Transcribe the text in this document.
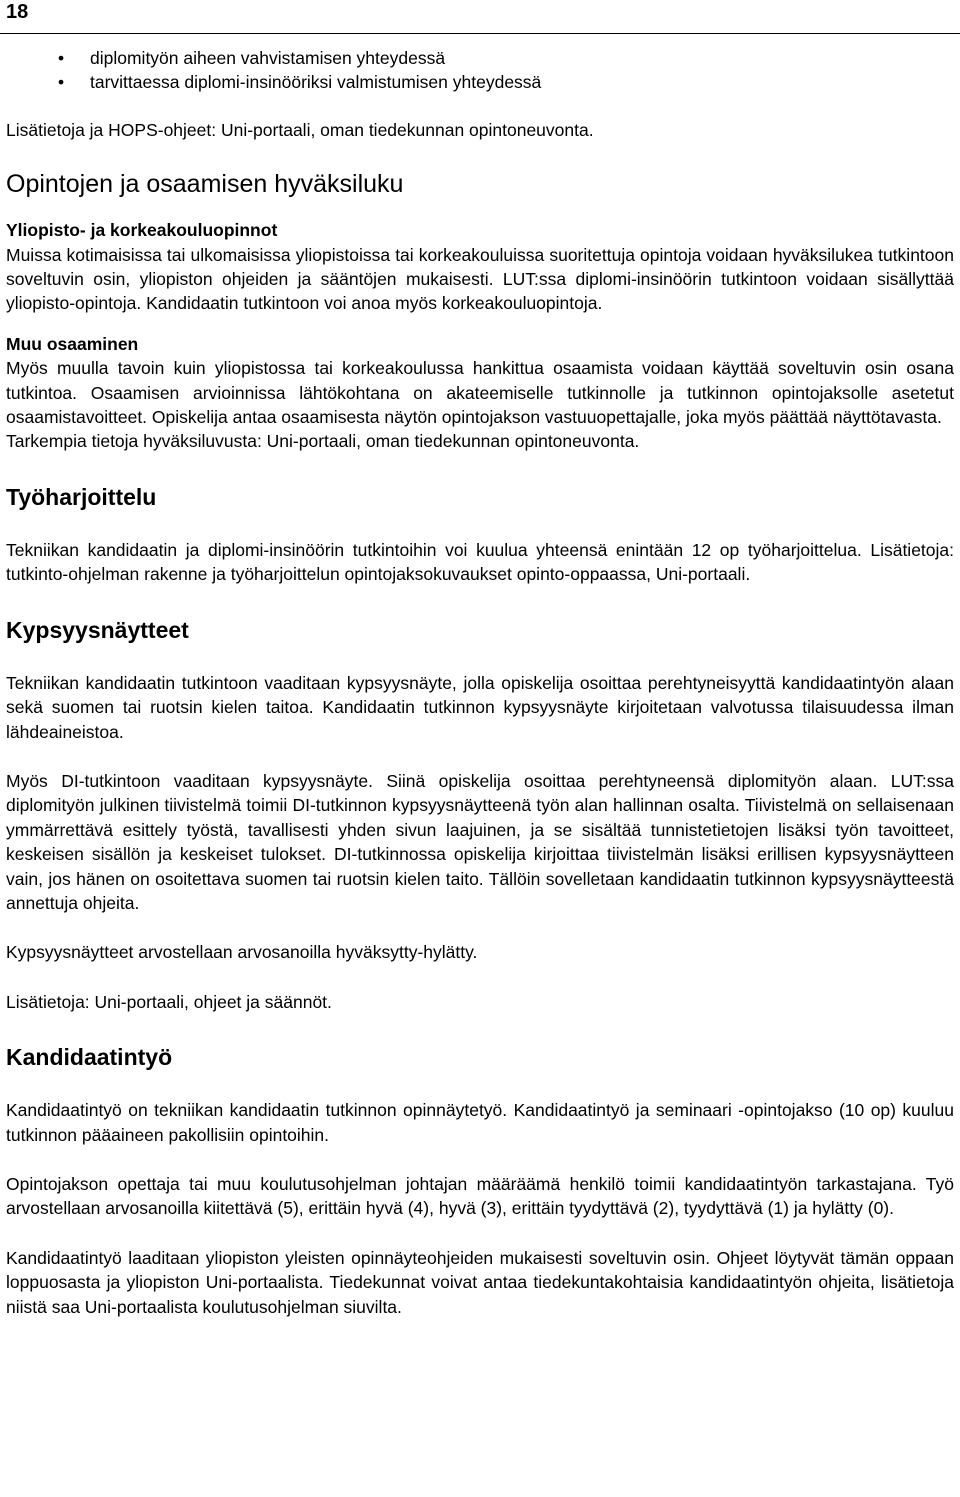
18
• diplomityön aiheen vahvistamisen yhteydessä
• tarvittaessa diplomi-insinööriksi valmistumisen yhteydessä

Lisätietoja ja HOPS-ohjeet: Uni-portaali, oman tiedekunnan opintoneuvonta.

Opintojen ja osaamisen hyväksiluku

Yliopisto- ja korkeakouluopinnot

Muissa kotimaisissa tai ulkomaisissa yliopistoissa tai korkeakouluissa suoritettuja opintoja voidaan hyväksilukea tutkintoon soveltuvin osin, yliopiston ohjeiden ja sääntöjen mukaisesti. LUT:ssa diplomi-insinöörin tutkintoon voidaan sisällyttää yliopisto-opintoja. Kandidaatin tutkintoon voi anoa myös korkeakouluopintoja.

Muu osaaminen

Myös muulla tavoin kuin yliopistossa tai korkeakoulussa hankittua osaamista voidaan käyttää soveltuvin osin osana tutkintoa. Osaamisen arvioinnissa lähtökohtana on akateemiselle tutkinnolle ja tutkinnon opintojaksolle asetetut osaamistavoitteet. Opiskelija antaa osaamisesta näytön opintojakson vastuuopettajalle, joka myös päättää näyttötavasta.

Tarkempia tietoja hyväksiluvusta: Uni-portaali, oman tiedekunnan opintoneuvonta.

Työharjoittelu

Tekniikan kandidaatin ja diplomi-insinöörin tutkintoihin voi kuulua yhteensä enintään 12 op työharjoittelua. Lisätietoja: tutkinto-ohjelman rakenne ja työharjoittelun opintojaksokuvaukset opinto-oppaassa, Uni-portaali.

Kypsyysnäytteet

Tekniikan kandidaatin tutkintoon vaaditaan kypsyysnäyte, jolla opiskelija osoittaa perehtyneisyyttä kandidaatintyön alaan sekä suomen tai ruotsin kielen taitoa. Kandidaatin tutkinnon kypsyysnäyte kirjoitetaan valvotussa tilaisuudessa ilman lähdeaineistoa.

Myös DI-tutkintoon vaaditaan kypsyysnäyte. Siinä opiskelija osoittaa perehtyneensä diplomityön alaan. LUT:ssa diplomityön julkinen tiivistelmä toimii DI-tutkinnon kypsyysnäytteenä työn alan hallinnan osalta. Tiivistelmä on sellaisenaan ymmärrettävä esittely työstä, tavallisesti yhden sivun laajuinen, ja se sisältää tunnistetietojen lisäksi työn tavoitteet, keskeisen sisällön ja keskeiset tulokset. DI-tutkinnossa opiskelija kirjoittaa tiivistelmän lisäksi erillisen kypsyysnäytteen vain, jos hänen on osoitettava suomen tai ruotsin kielen taito. Tällöin sovelletaan kandidaatin tutkinnon kypsyysnäytteestä annettuja ohjeita.

Kypsyysnäytteet arvostellaan arvosanoilla hyväksytty-hylätty.

Lisätietoja: Uni-portaali, ohjeet ja säännöt.

Kandidaatintyö

Kandidaatintyö on tekniikan kandidaatin tutkinnon opinnäytetyö. Kandidaatintyö ja seminaari -opintojakso (10 op) kuuluu tutkinnon pääaineen pakollisiin opintoihin.

Opintojakson opettaja tai muu koulutusohjelman johtajan määräämä henkilö toimii kandidaatintyön tarkastajana. Työ arvostellaan arvosanoilla kiitettävä (5), erittäin hyvä (4), hyvä (3), erittäin tyydyttävä (2), tyydyttävä (1) ja hylätty (0).

Kandidaatintyö laaditaan yliopiston yleisten opinnäyteohjeiden mukaisesti soveltuvin osin. Ohjeet löytyvät tämän oppaan loppuosasta ja yliopiston Uni-portaalista. Tiedekunnat voivat antaa tiedekuntakohtaisia kandidaatintyön ohjeita, lisätietoja niistä saa Uni-portaalista koulutusohjelman siuvilta.
